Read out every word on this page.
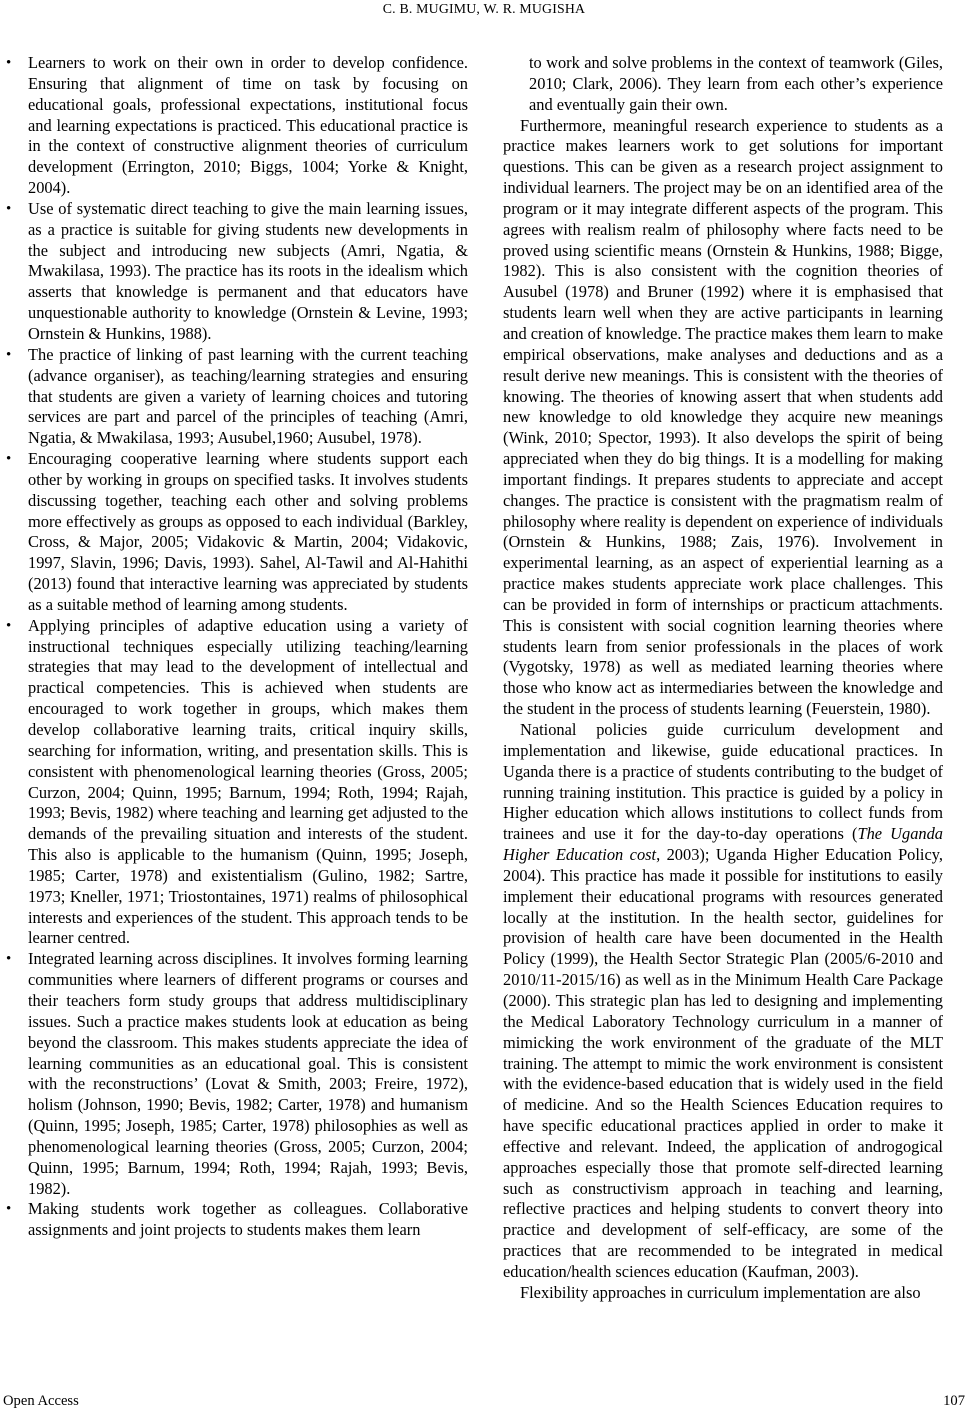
C. B. MUGIMU, W. R. MUGISHA
• Learners to work on their own in order to develop confidence. Ensuring that alignment of time on task by focusing on educational goals, professional expectations, institutional focus and learning expectations is practiced. This educational practice is in the context of constructive alignment theories of curriculum development (Errington, 2010; Biggs, 1004; Yorke & Knight, 2004).
• Use of systematic direct teaching to give the main learning issues, as a practice is suitable for giving students new developments in the subject and introducing new subjects (Amri, Ngatia, & Mwakilasa, 1993). The practice has its roots in the idealism which asserts that knowledge is permanent and that educators have unquestionable authority to knowledge (Ornstein & Levine, 1993; Ornstein & Hunkins, 1988).
• The practice of linking of past learning with the current teaching (advance organiser), as teaching/learning strategies and ensuring that students are given a variety of learning choices and tutoring services are part and parcel of the principles of teaching (Amri, Ngatia, & Mwakilasa, 1993; Ausubel,1960; Ausubel, 1978).
• Encouraging cooperative learning where students support each other by working in groups on specified tasks. It involves students discussing together, teaching each other and solving problems more effectively as groups as opposed to each individual (Barkley, Cross, & Major, 2005; Vidakovic & Martin, 2004; Vidakovic, 1997, Slavin, 1996; Davis, 1993). Sahel, Al-Tawil and Al-Hahithi (2013) found that interactive learning was appreciated by students as a suitable method of learning among students.
• Applying principles of adaptive education using a variety of instructional techniques especially utilizing teaching/learning strategies that may lead to the development of intellectual and practical competencies. This is achieved when students are encouraged to work together in groups, which makes them develop collaborative learning traits, critical inquiry skills, searching for information, writing, and presentation skills. This is consistent with phenomenological learning theories (Gross, 2005; Curzon, 2004; Quinn, 1995; Barnum, 1994; Roth, 1994; Rajah, 1993; Bevis, 1982) where teaching and learning get adjusted to the demands of the prevailing situation and interests of the student. This also is applicable to the humanism (Quinn, 1995; Joseph, 1985; Carter, 1978) and existentialism (Gulino, 1982; Sartre, 1973; Kneller, 1971; Triostontaines, 1971) realms of philosophical interests and experiences of the student. This approach tends to be learner centred.
• Integrated learning across disciplines. It involves forming learning communities where learners of different programs or courses and their teachers form study groups that address multidisciplinary issues. Such a practice makes students look at education as being beyond the classroom. This makes students appreciate the idea of learning communities as an educational goal. This is consistent with the reconstructions’ (Lovat & Smith, 2003; Freire, 1972), holism (Johnson, 1990; Bevis, 1982; Carter, 1978) and humanism (Quinn, 1995; Joseph, 1985; Carter, 1978) philosophies as well as phenomenological learning theories (Gross, 2005; Curzon, 2004; Quinn, 1995; Barnum, 1994; Roth, 1994; Rajah, 1993; Bevis, 1982).
• Making students work together as colleagues. Collaborative assignments and joint projects to students makes them learn

to work and solve problems in the context of teamwork (Giles, 2010; Clark, 2006). They learn from each other’s experience and eventually gain their own.

Furthermore, meaningful research experience to students as a practice makes learners work to get solutions for important questions. This can be given as a research project assignment to individual learners. The project may be on an identified area of the program or it may integrate different aspects of the program. This agrees with realism realm of philosophy where facts need to be proved using scientific means (Ornstein & Hunkins, 1988; Bigge, 1982). This is also consistent with the cognition theories of Ausubel (1978) and Bruner (1992) where it is emphasised that students learn well when they are active participants in learning and creation of knowledge. The practice makes them learn to make empirical observations, make analyses and deductions and as a result derive new meanings. This is consistent with the theories of knowing. The theories of knowing assert that when students add new knowledge to old knowledge they acquire new meanings (Wink, 2010; Spector, 1993). It also develops the spirit of being appreciated when they do big things. It is a modelling for making important findings. It prepares students to appreciate and accept changes. The practice is consistent with the pragmatism realm of philosophy where reality is dependent on experience of individuals (Ornstein & Hunkins, 1988; Zais, 1976). Involvement in experimental learning, as an aspect of experiential learning as a practice makes students appreciate work place challenges. This can be provided in form of internships or practicum attachments. This is consistent with social cognition learning theories where students learn from senior professionals in the places of work (Vygotsky, 1978) as well as mediated learning theories where those who know act as intermediaries between the knowledge and the student in the process of students learning (Feuerstein, 1980).

National policies guide curriculum development and implementation and likewise, guide educational practices. In Uganda there is a practice of students contributing to the budget of running training institution. This practice is guided by a policy in Higher education which allows institutions to collect funds from trainees and use it for the day-to-day operations (The Uganda Higher Education cost, 2003); Uganda Higher Education Policy, 2004). This practice has made it possible for institutions to easily implement their educational programs with resources generated locally at the institution. In the health sector, guidelines for provision of health care have been documented in the Health Policy (1999), the Health Sector Strategic Plan (2005/6-2010 and 2010/11-2015/16) as well as in the Minimum Health Care Package (2000). This strategic plan has led to designing and implementing the Medical Laboratory Technology curriculum in a manner of mimicking the work environment of the graduate of the MLT training. The attempt to mimic the work environment is consistent with the evidence-based education that is widely used in the field of medicine. And so the Health Sciences Education requires to have specific educational practices applied in order to make it effective and relevant. Indeed, the application of androgogical approaches especially those that promote self-directed learning such as constructivism approach in teaching and learning, reflective practices and helping students to convert theory into practice and development of self-efficacy, are some of the practices that are recommended to be integrated in medical education/health sciences education (Kaufman, 2003).

Flexibility approaches in curriculum implementation are also

Open Access	107
